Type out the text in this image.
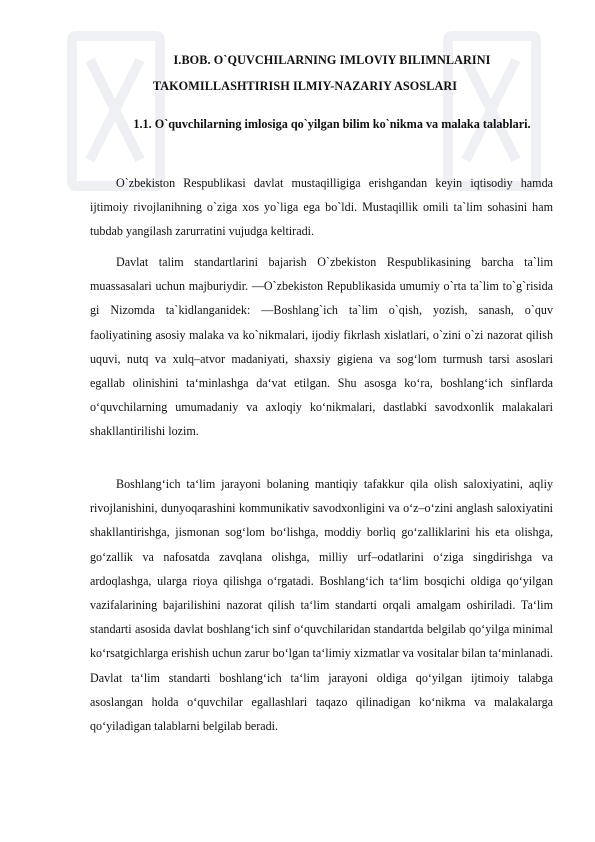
I.BOB. O`QUVCHILARNING IMLOVIY BILIMNLARINI
TAKOMILLASHTIRISH ILMIY-NAZARIY ASOSLARI
1.1. O`quvchilarning imlosiga qo`yilgan bilim ko`nikma va malaka talablari.

O`zbekiston Respublikasi davlat mustaqilligiga erishgandan keyin iqtisodiy hamda ijtimoiy rivojlanihning o`ziga xos yo`liga ega bo`ldi. Mustaqillik omili ta`lim sohasini ham tubdab yangilash zarurratini vujudga keltiradi.

Davlat talim standartlarini bajarish O`zbekiston Respublikasining barcha ta`lim muassasalari uchun majburiydir. ―O`zbekiston Republikasida umumiy o`rta ta`lim to`g`risida gi Nizomda ta`kidlanganidek: ―Boshlang`ich ta`lim o`qish, yozish, sanash, o`quv faoliyatining asosiy malaka va ko`nikmalari, ijodiy fikrlash xislatlari, o`zini o`zi nazorat qilish uquvi, nutq va xulq–atvor madaniyati, shaxsiy gigiena va sog‘lom turmush tarsi asoslari egallab olinishini ta‘minlashga da‘vat etilgan. Shu asosga ko‘ra, boshlang‘ich sinflarda o‘quvchilarning umumadaniy va axloqiy ko‘nikmalari, dastlabki savodxonlik malakalari shakllantirilishi lozim.

Boshlang‘ich ta‘lim jarayoni bolaning mantiqiy tafakkur qila olish saloxiyatini, aqliy rivojlanishini, dunyoqarashini kommunikativ savodxonligini va o‘z–o‘zini anglash saloxiyatini shakllantirishga, jismonan sog‘lom bo‘lishga, moddiy borliq go‘zalliklarini his eta olishga, go‘zallik va nafosatda zavqlana olishga, milliy urf–odatlarini o‘ziga singdirishga va ardoqlashga, ularga rioya qilishga o‘rgatadi. Boshlang‘ich ta‘lim bosqichi oldiga qo‘yilgan vazifalarining bajarilishini nazorat qilish ta‘lim standarti orqali amalgam oshiriladi. Ta‘lim standarti asosida davlat boshlang‘ich sinf o‘quvchilaridan standartda belgilab qo‘yilga minimal ko‘rsatgichlarga erishish uchun zarur bo‘lgan ta‘limiy xizmatlar va vositalar bilan ta‘minlanadi. Davlat ta‘lim standarti boshlang‘ich ta‘lim jarayoni oldiga qo‘yilgan ijtimoiy talabga asoslangan holda o‘quvchilar egallashlari taqazo qilinadigan ko‘nikma va malakalarga qo‘yiladigan talablarni belgilab beradi.
